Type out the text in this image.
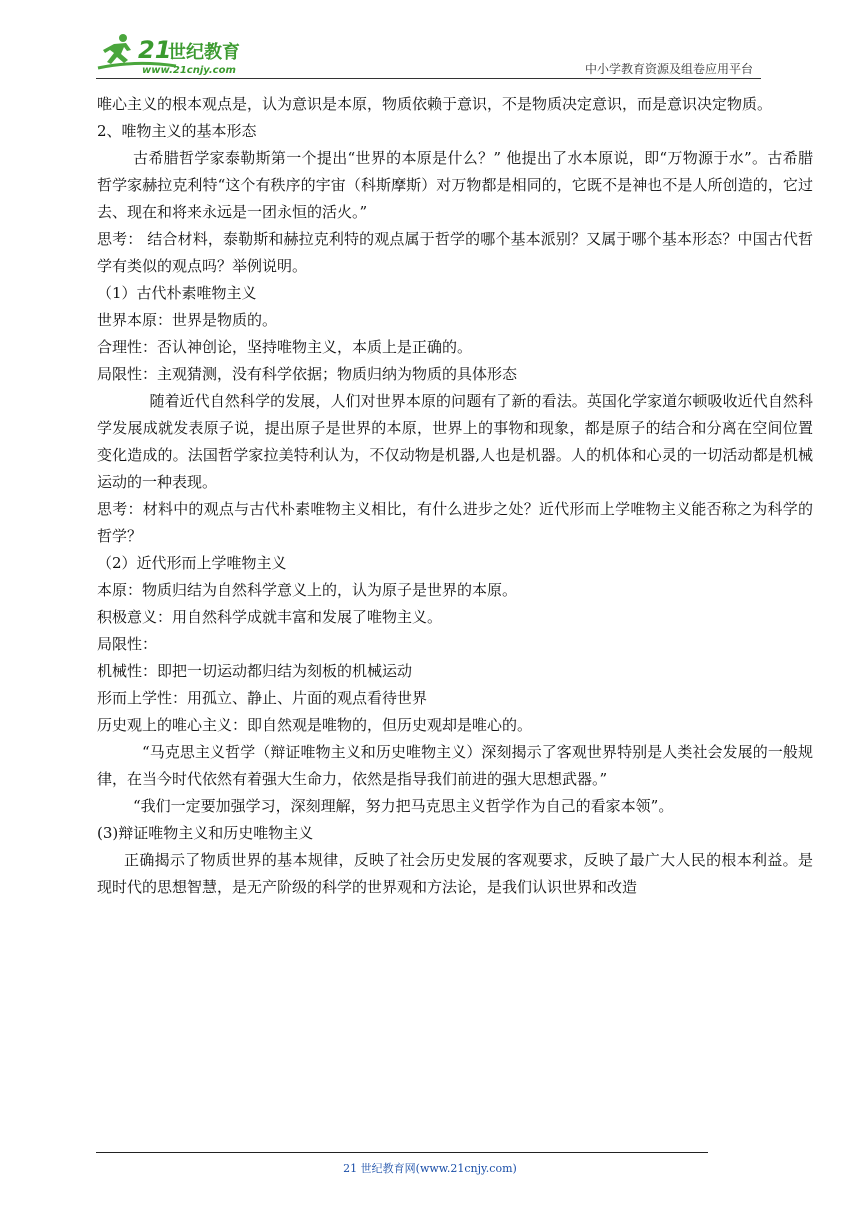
21
世纪教育
www.21cnjy.com	中小学教育资源及组卷应用平台

唯心主义的根本观点是，认为意识是本原，物质依赖于意识，不是物质决定意识，而是意识决定物质。

2、唯物主义的基本形态

古希腊哲学家泰勒斯第一个提出“世界的本原是什么？” 他提出了水本原说，即“万物源于水”。古希腊哲学家赫拉克利特“这个有秩序的宇宙（科斯摩斯）对万物都是相同的，它既不是神也不是人所创造的，它过去、现在和将来永远是一团永恒的活火。”

思考： 结合材料，泰勒斯和赫拉克利特的观点属于哲学的哪个基本派别？又属于哪个基本形态？中国古代哲学有类似的观点吗？举例说明。

（1）古代朴素唯物主义

世界本原：世界是物质的。

合理性：否认神创论，坚持唯物主义，本质上是正确的。

局限性：主观猜测，没有科学依据；物质归纳为物质的具体形态

随着近代自然科学的发展，人们对世界本原的问题有了新的看法。英国化学家道尔顿吸收近代自然科学发展成就发表原子说，提出原子是世界的本原，世界上的事物和现象，都是原子的结合和分离在空间位置变化造成的。法国哲学家拉美特利认为，不仅动物是机器,人也是机器。人的机体和心灵的一切活动都是机械运动的一种表现。

思考：材料中的观点与古代朴素唯物主义相比，有什么进步之处？近代形而上学唯物主义能否称之为科学的哲学？

（2）近代形而上学唯物主义

本原：物质归结为自然科学意义上的，认为原子是世界的本原。

积极意义：用自然科学成就丰富和发展了唯物主义。

局限性：

机械性：即把一切运动都归结为刻板的机械运动

形而上学性：用孤立、静止、片面的观点看待世界

历史观上的唯心主义：即自然观是唯物的，但历史观却是唯心的。

“马克思主义哲学（辩证唯物主义和历史唯物主义）深刻揭示了客观世界特别是人类社会发展的一般规律，在当今时代依然有着强大生命力，依然是指导我们前进的强大思想武器。”

“我们一定要加强学习，深刻理解，努力把马克思主义哲学作为自己的看家本领”。

(3)辩证唯物主义和历史唯物主义

正确揭示了物质世界的基本规律，反映了社会历史发展的客观要求，反映了最广大人民的根本利益。是现时代的思想智慧，是无产阶级的科学的世界观和方法论，是我们认识世界和改造

21 世纪教育网(www.21cnjy.com)
